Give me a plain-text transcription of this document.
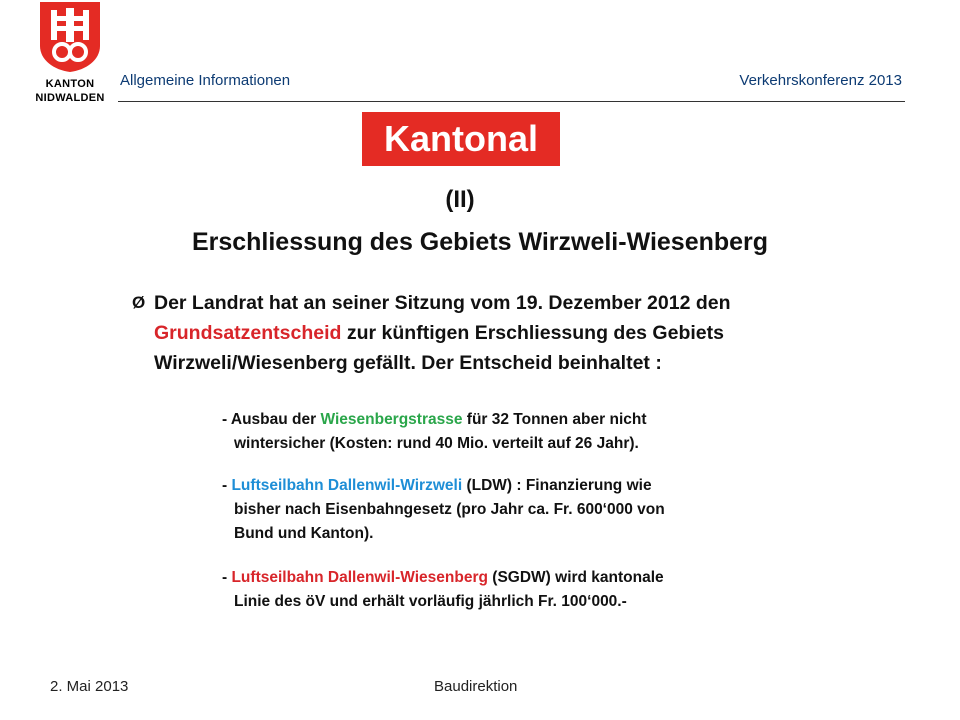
KANTON
NIDWALDEN
Allgemeine Informationen	Verkehrskonferenz 2013
Kantonal
(II)
Erschliessung des Gebiets Wirzweli-Wiesenberg
Ø Der Landrat hat an seiner Sitzung vom 19. Dezember 2012 den
Grundsatzentscheid zur künftigen Erschliessung des Gebiets
Wirzweli/Wiesenberg gefällt. Der Entscheid beinhaltet :
- Ausbau der Wiesenbergstrasse für 32 Tonnen aber nicht
wintersicher (Kosten: rund 40 Mio. verteilt auf 26 Jahr).
- Luftseilbahn Dallenwil-Wirzweli (LDW) : Finanzierung wie
bisher nach Eisenbahngesetz (pro Jahr ca. Fr. 600‘000 von
Bund und Kanton).
- Luftseilbahn Dallenwil-Wiesenberg (SGDW) wird kantonale
Linie des öV und erhält vorläufig jährlich Fr. 100‘000.-
2. Mai 2013	Baudirektion
